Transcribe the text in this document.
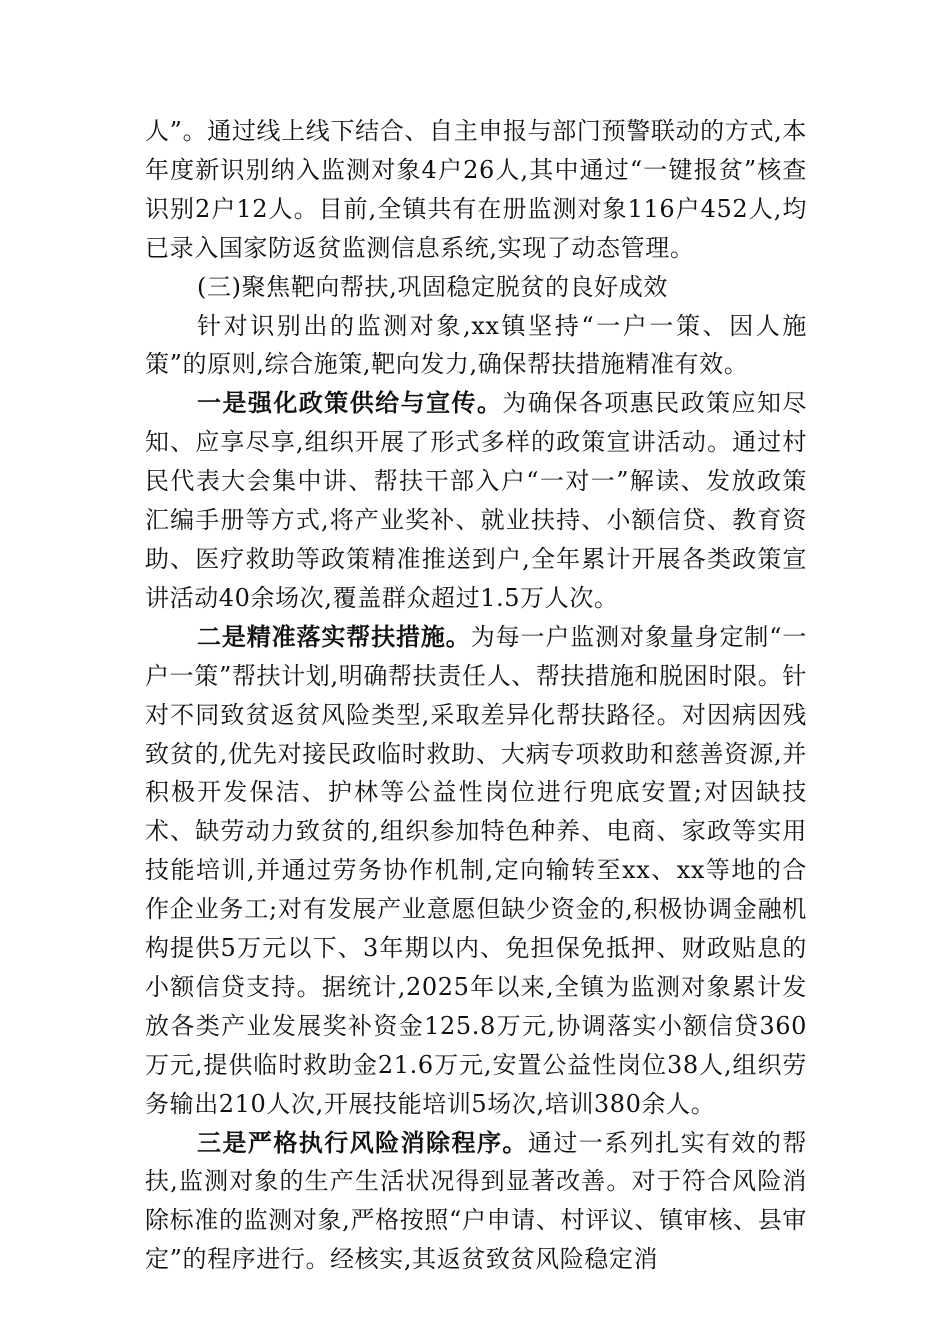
人”。通过线上线下结合、自主申报与部门预警联动的方式,本年度新识别纳入监测对象4户26人,其中通过“一键报贫”核查识别2户12人。目前,全镇共有在册监测对象116户452人,均已录入国家防返贫监测信息系统,实现了动态管理。

(三)聚焦靶向帮扶,巩固稳定脱贫的良好成效

针对识别出的监测对象,xx镇坚持“一户一策、因人施策”的原则,综合施策,靶向发力,确保帮扶措施精准有效。

一是强化政策供给与宣传。为确保各项惠民政策应知尽知、应享尽享,组织开展了形式多样的政策宣讲活动。通过村民代表大会集中讲、帮扶干部入户“一对一”解读、发放政策汇编手册等方式,将产业奖补、就业扶持、小额信贷、教育资助、医疗救助等政策精准推送到户,全年累计开展各类政策宣讲活动40余场次,覆盖群众超过1.5万人次。

二是精准落实帮扶措施。为每一户监测对象量身定制“一户一策”帮扶计划,明确帮扶责任人、帮扶措施和脱困时限。针对不同致贫返贫风险类型,采取差异化帮扶路径。对因病因残致贫的,优先对接民政临时救助、大病专项救助和慈善资源,并积极开发保洁、护林等公益性岗位进行兜底安置;对因缺技术、缺劳动力致贫的,组织参加特色种养、电商、家政等实用技能培训,并通过劳务协作机制,定向输转至xx、xx等地的合作企业务工;对有发展产业意愿但缺少资金的,积极协调金融机构提供5万元以下、3年期以内、免担保免抵押、财政贴息的小额信贷支持。据统计,2025年以来,全镇为监测对象累计发放各类产业发展奖补资金125.8万元,协调落实小额信贷360万元,提供临时救助金21.6万元,安置公益性岗位38人,组织劳务输出210人次,开展技能培训5场次,培训380余人。

三是严格执行风险消除程序。通过一系列扎实有效的帮扶,监测对象的生产生活状况得到显著改善。对于符合风险消除标准的监测对象,严格按照“户申请、村评议、镇审核、县审定”的程序进行。经核实,其返贫致贫风险稳定消
